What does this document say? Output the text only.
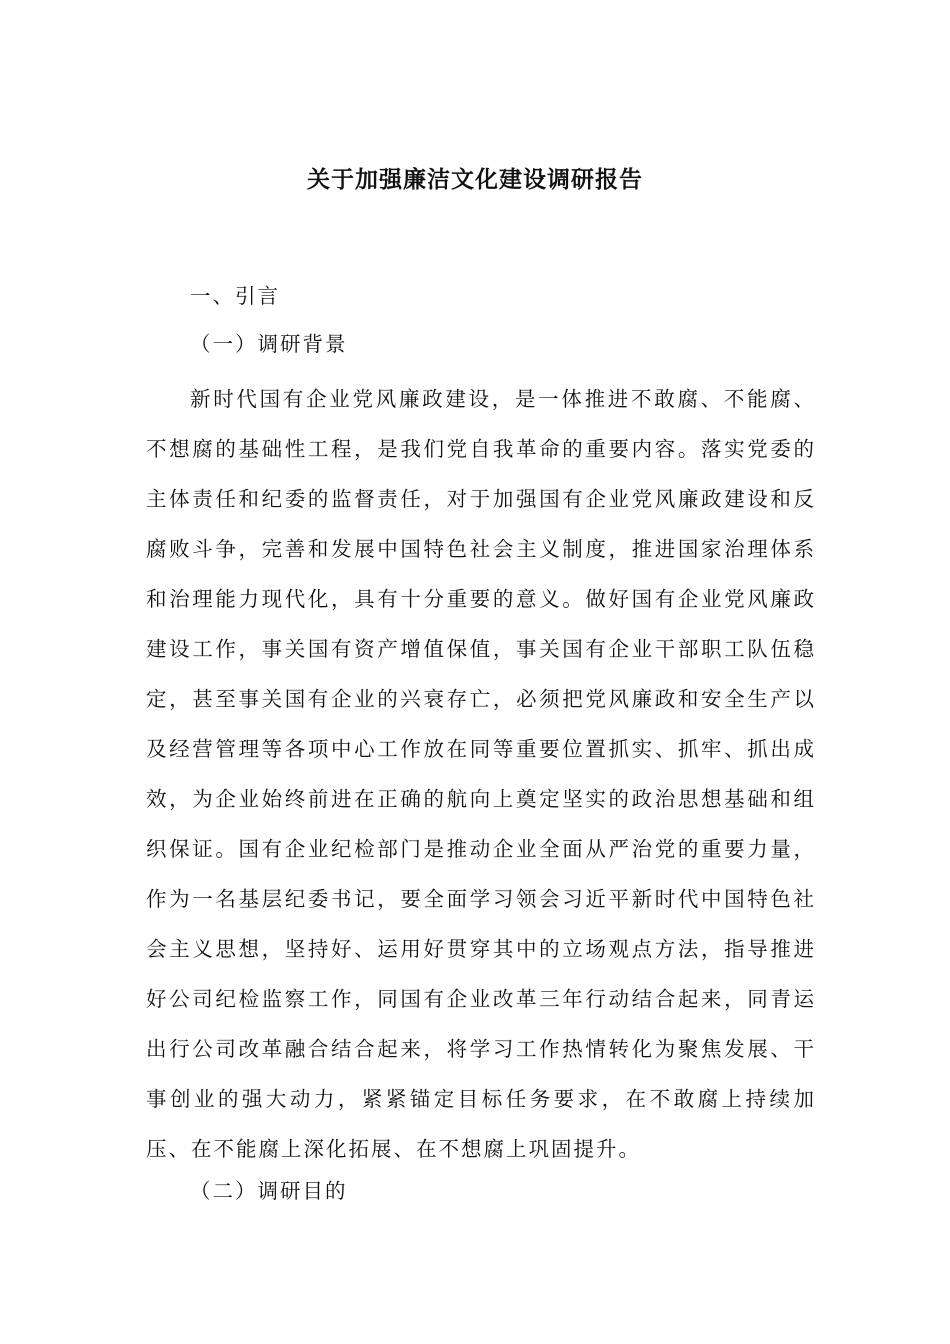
关于加强廉洁文化建设调研报告
一、引言
（一）调研背景
新时代国有企业党风廉政建设，是一体推进不敢腐、不能腐、不想腐的基础性工程，是我们党自我革命的重要内容。落实党委的主体责任和纪委的监督责任，对于加强国有企业党风廉政建设和反腐败斗争，完善和发展中国特色社会主义制度，推进国家治理体系和治理能力现代化，具有十分重要的意义。做好国有企业党风廉政建设工作，事关国有资产增值保值，事关国有企业干部职工队伍稳定，甚至事关国有企业的兴衰存亡，必须把党风廉政和安全生产以及经营管理等各项中心工作放在同等重要位置抓实、抓牢、抓出成效，为企业始终前进在正确的航向上奠定坚实的政治思想基础和组织保证。国有企业纪检部门是推动企业全面从严治党的重要力量，作为一名基层纪委书记，要全面学习领会习近平新时代中国特色社会主义思想，坚持好、运用好贯穿其中的立场观点方法，指导推进好公司纪检监察工作，同国有企业改革三年行动结合起来，同青运出行公司改革融合结合起来，将学习工作热情转化为聚焦发展、干事创业的强大动力，紧紧锚定目标任务要求，在不敢腐上持续加压、在不能腐上深化拓展、在不想腐上巩固提升。
（二）调研目的
